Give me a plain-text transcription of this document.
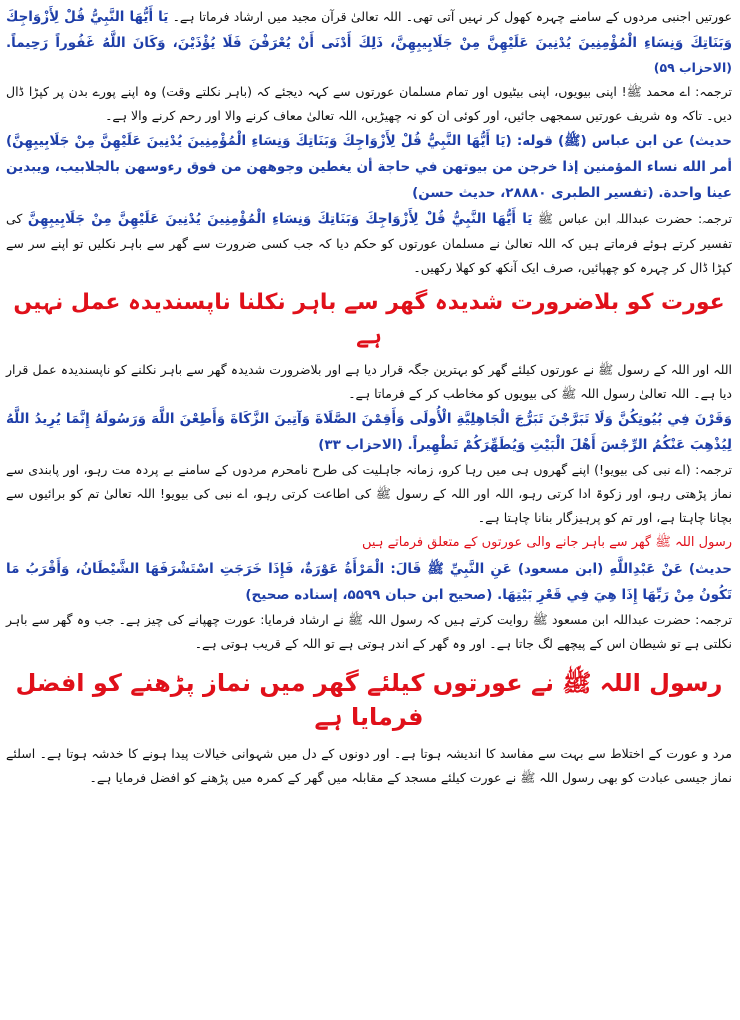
عورتیں اجنبی مردوں کے سامنے چہرہ کھول کر نہیں آتی تھی۔ اللہ تعالیٰ قرآن مجید میں ارشاد فرماتا ہے۔ يَا أَيُّهَا النَّبِيُّ قُلْ لِأَزْوَاجِكَ وَبَنَاتِكَ وَنِسَاءِ الْمُؤْمِنِينَ يُدْنِينَ عَلَيْهِنَّ مِنْ جَلَابِيبِهِنَّ، ذَلِكَ أَدْنَى أَنْ يُعْرَفْنَ فَلَا يُؤْذَيْنَ، وَكَانَ اللَّهُ غَفُوراً رَحِيماً. (الاحزاب ۵۹)

ترجمہ: اے محمد ﷺ! اپنی بیویوں، اپنی بیٹیوں اور تمام مسلمان عورتوں سے کہہ دیجئے کہ (باہر نکلتے وقت) وہ اپنے پورے بدن پر کپڑا ڈال دیں۔ تاکہ وہ شریف عورتیں سمجھی جائیں، اور کوئی ان کو نہ چھیڑیں، اللہ تعالیٰ معاف کرنے والا اور رحم کرنے والا ہے۔

حدیث) عن ابن عباس (ﷺ) قوله: (يَا أَيُّهَا النَّبِيُّ قُلْ لِأَزْوَاجِكَ وَبَنَاتِكَ وَنِسَاءِ الْمُؤْمِنِينَ يُدْنِينَ عَلَيْهِنَّ مِنْ جَلَابِيبِهِنَّ) أمر الله نساء المؤمنين إذا خرجن من بيوتهن في حاجة أن يغطين وجوههن من فوق رءوسهن بالجلابيب، ويبدين عينا واحدة. (تفسير الطبرى ۲۸۸۸۰، حديث حسن)

ترجمہ: حضرت عبداللہ ابن عباس ﷺ يَا أَيُّهَا النَّبِيُّ قُلْ لِأَزْوَاجِكَ وَبَنَاتِكَ وَنِسَاءِ الْمُؤْمِنِينَ يُدْنِينَ عَلَيْهِنَّ مِنْ جَلَابِيبِهِنَّ کی تفسیر کرتے ہوئے فرماتے ہیں کہ اللہ تعالیٰ نے مسلمان عورتوں کو حکم دیا کہ جب کسی ضرورت سے گھر سے باہر نکلیں تو اپنے سر سے کپڑا ڈال کر چہرہ کو چھپائیں، صرف ایک آنکھ کو کھلا رکھیں۔

عورت کو بلاضرورت شدیدہ گھر سے باہر نکلنا ناپسندیدہ عمل نہیں ہے

اللہ اور اللہ کے رسول ﷺ نے عورتوں کیلئے گھر کو بہترین جگہ قرار دیا ہے اور بلاضرورت شدیدہ گھر سے باہر نکلنے کو ناپسندیدہ عمل قرار دیا ہے۔ اللہ تعالیٰ رسول اللہ ﷺ کی بیویوں کو مخاطب کر کے فرماتا ہے۔

وَقَرْنَ فِي بُيُوتِكُنَّ وَلَا تَبَرَّجْنَ تَبَرُّجَ الْجَاهِلِيَّةِ الْأُولَى وَأَقِمْنَ الصَّلَاةَ وَآتِينَ الزَّكَاةَ وَأَطِعْنَ اللَّهَ وَرَسُولَهُ إِنَّمَا يُرِيدُ اللَّهُ لِيُذْهِبَ عَنْكُمُ الرِّجْسَ أَهْلَ الْبَيْتِ وَيُطَهِّرَكُمْ تَطْهِيراً. (الاحزاب ۳۳)

ترجمہ: (اے نبی کی بیویو!) اپنے گھروں ہی میں رہا کرو، زمانہ جاہلیت کی طرح نامحرم مردوں کے سامنے بے پردہ مت رہو، اور پابندی سے نماز پڑھتی رہو، اور زکوۃ ادا کرتی رہو، اللہ اور اللہ کے رسول ﷺ کی اطاعت کرتی رہو، اے نبی کی بیویو! اللہ تعالیٰ تم کو برائیوں سے بچانا چاہتا ہے، اور تم کو پرہیزگار بنانا چاہتا ہے۔

رسول اللہ ﷺ گھر سے باہر جانے والی عورتوں کے متعلق فرماتے ہیں

حدیث) عَنْ عَبْدِاللَّهِ (ابن مسعود) عَنِ النَّبِيِّ ﷺ قَالَ: الْمَرْأَةُ عَوْرَةٌ، فَإِذَا خَرَجَتِ اسْتَشْرَفَهَا الشَّيْطَانُ، وَأَقْرَبُ مَا تَكُونُ مِنْ رَبِّهَا إِذَا هِيَ فِي قَعْرِ بَيْتِهَا. (صحیح ابن حبان ۵۵۹۹، إسناده صحيح)

ترجمہ: حضرت عبداللہ ابن مسعود ﷺ روایت کرتے ہیں کہ رسول اللہ ﷺ نے ارشاد فرمایا: عورت چھپانے کی چیز ہے۔ جب وہ گھر سے باہر نکلتی ہے تو شیطان اس کے پیچھے لگ جاتا ہے۔ اور وہ گھر کے اندر ہوتی ہے تو اللہ کے قریب ہوتی ہے۔

رسول اللہ ﷺ نے عورتوں کیلئے گھر میں نماز پڑھنے کو افضل فرمایا ہے

مرد و عورت کے اختلاط سے بہت سے مفاسد کا اندیشہ ہوتا ہے۔ اور دونوں کے دل میں شہوانی خیالات پیدا ہونے کا خدشہ ہوتا ہے۔ اسلئے نماز جیسی عبادت کو بھی رسول اللہ ﷺ نے عورت کیلئے مسجد کے مقابلہ میں گھر کے کمرہ میں پڑھنے کو افضل فرمایا ہے۔
